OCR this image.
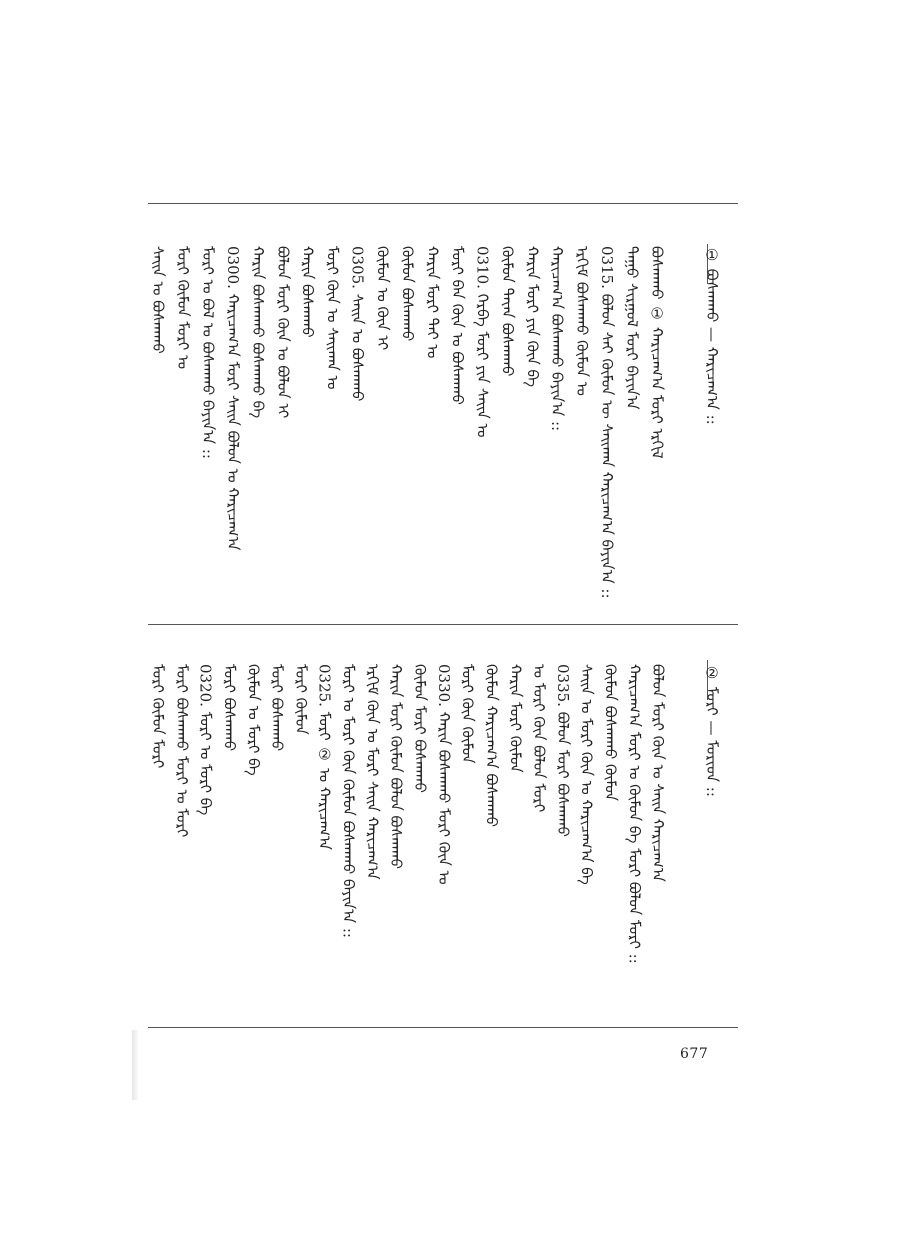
677
① ᠪᠣᠰᠬᠠᠬᠤ — ᠬᠠᠷᠢᠴᠠᠭ᠎ᠠ ::
ᠪᠣᠰᠬᠠᠬᠤ ① ᠬᠠᠷᠢᠴᠠᠭ᠎ᠠ ᠮᠣᠷᠢ ᠡᠷᠭᠢᠯ
ᠳᠠᠭᠤ ᠰᠢᠷᠭᠤᠯ ᠮᠣᠷᠢ ᠪᠠᠶᠢᠨ᠎ᠠ
0315. ᠪᠣᠯᠤᠨ ᠰᠠᠢ ᠬᠦᠮᠦᠨ ᠦ ᠰᠠᠢᠬᠠᠨ ᠬᠠᠷᠢᠴᠠᠭ᠎ᠠ ᠪᠠᠶᠢᠨ᠎ᠠ ::
ᠡᠷᠬᠢᠮ ᠪᠣᠰᠬᠠᠬᠤ ᠬᠦᠮᠦᠨ ᠤ
ᠬᠠᠷᠢᠴᠠᠭ᠎ᠠ ᠪᠣᠰᠬᠠᠬᠤ ᠪᠠᠶᠢᠨ᠎ᠠ ::
ᠬᠠᠷᠢᠨ ᠮᠣᠷᠢ ᠶᠢᠨ ᠬᠦᠨ ᠪᠡ
ᠬᠦᠮᠦᠨ ᠲᠠᠶ᠋ᠠᠨ ᠪᠣᠰᠬᠠᠬᠤ
0310. ᠬᠡᠷᠪᠡ ᠮᠣᠷᠢ ᠶᠢᠨ ᠰᠠᠢᠨ ᠤ
ᠮᠣᠷᠢ ᠪᠠᠨ ᠬᠦᠨ ᠤ ᠪᠣᠰᠬᠠᠬᠤ
ᠬᠠᠷᠢᠨ ᠮᠣᠷᠢ ᠲᠠᠢ ᠤ
ᠬᠦᠮᠦᠨ ᠪᠣᠰᠬᠠᠬᠤ
ᠬᠦᠮᠦᠨ ᠤ ᠬᠦᠨ ᠢ
0305. ᠰᠠᠢᠨ ᠤ ᠪᠣᠰᠬᠠᠬᠤ
ᠮᠣᠷᠢ ᠬᠦᠨ ᠤ ᠰᠠᠢᠬᠠᠨ ᠤ
ᠬᠠᠷᠢᠨ ᠪᠣᠰᠬᠠᠬᠤ
ᠪᠣᠯᠤᠨ ᠮᠣᠷᠢ ᠬᠦᠨ ᠤ ᠪᠣᠯᠤᠨ ᠢ
ᠬᠠᠷᠢᠨ ᠪᠣᠰᠬᠠᠬᠤ ᠪᠣᠰᠬᠠᠬᠤ ᠪᠡ
0300. ᠬᠠᠷᠢᠴᠠᠭ᠎ᠠ ᠮᠣᠷᠢ ᠰᠠᠢᠨ ᠪᠣᠯᠤᠨ ᠤ ᠬᠠᠷᠢᠴᠠᠭ᠎ᠠ
ᠮᠣᠷᠢ ᠤ ᠪᠣᠯ ᠤ ᠪᠣᠰᠬᠠᠬᠤ ᠪᠠᠶᠢᠨ᠎ᠠ ::
ᠮᠣᠷᠢ ᠬᠦᠮᠦᠨ ᠮᠣᠷᠢ ᠤ
ᠰᠠᠢᠨ ᠤ ᠪᠣᠰᠬᠠᠬᠤ
② ᠮᠣᠷᠢ — ᠮᠣᠷᠢᠳ ::
ᠪᠣᠯᠤᠨ ᠮᠣᠷᠢ ᠬᠦᠨ ᠤ ᠰᠠᠢᠨ ᠬᠠᠷᠢᠴᠠᠭ᠎ᠠ
ᠬᠠᠷᠢᠴᠠᠭ᠎ᠠ ᠮᠣᠷᠢ ᠤ ᠬᠦᠮᠦᠨ ᠪᠡ ᠮᠣᠷᠢ ᠪᠣᠯᠤᠨ ᠮᠣᠷᠢ ::
ᠬᠦᠮᠦᠨ ᠪᠣᠰᠬᠠᠬᠤ ᠬᠦᠮᠦᠨ
ᠰᠠᠢᠨ ᠤ ᠮᠣᠷᠢ ᠬᠦᠨ ᠤ ᠬᠠᠷᠢᠴᠠᠭ᠎ᠠ ᠪᠡ
0335. ᠪᠣᠯᠤᠨ ᠮᠣᠷᠢ ᠪᠣᠰᠬᠠᠬᠤ
ᠤ ᠮᠣᠷᠢ ᠬᠦᠨ ᠪᠣᠯᠤᠨ ᠮᠣᠷᠢ
ᠬᠠᠷᠢᠨ ᠮᠣᠷᠢ ᠬᠦᠮᠦᠨ
ᠬᠦᠮᠦᠨ ᠬᠠᠷᠢᠴᠠᠭ᠎ᠠ ᠪᠣᠰᠬᠠᠬᠤ
ᠮᠣᠷᠢ ᠬᠦᠨ ᠬᠦᠮᠦᠨ
0330. ᠬᠠᠷᠢᠨ ᠪᠣᠰᠬᠠᠬᠤ ᠮᠣᠷᠢ ᠬᠦᠨ ᠤ
ᠬᠦᠮᠦᠨ ᠮᠣᠷᠢ ᠪᠣᠰᠬᠠᠬᠤ
ᠬᠠᠷᠢᠨ ᠮᠣᠷᠢ ᠬᠦᠮᠦᠨ ᠪᠣᠯᠤᠨ ᠪᠣᠰᠬᠠᠬᠤ
ᠡᠷᠬᠢᠮ ᠬᠦᠨ ᠤ ᠮᠣᠷᠢ ᠰᠠᠢᠨ ᠬᠠᠷᠢᠴᠠᠭ᠎ᠠ
ᠮᠣᠷᠢ ᠤ ᠮᠣᠷᠢ ᠬᠦᠨ ᠬᠦᠮᠦᠨ ᠪᠣᠰᠬᠠᠬᠤ ᠪᠠᠶᠢᠨ᠎ᠠ ::
0325. ᠮᠣᠷᠢ ② ᠤ ᠬᠠᠷᠢᠴᠠᠭ᠎ᠠ
ᠮᠣᠷᠢ ᠬᠦᠮᠦᠨ
ᠮᠣᠷᠢ ᠪᠣᠰᠬᠠᠬᠤ
ᠬᠦᠮᠦᠨ ᠤ ᠮᠣᠷᠢ ᠪᠡ
ᠮᠣᠷᠢ ᠪᠣᠰᠬᠠᠬᠤ
0320. ᠮᠣᠷᠢ ᠤ ᠮᠣᠷᠢ ᠪᠡ
ᠮᠣᠷᠢ ᠪᠣᠰᠬᠠᠬᠤ ᠮᠣᠷᠢ ᠤ ᠮᠣᠷᠢ
ᠮᠣᠷᠢ ᠬᠦᠮᠦᠨ ᠮᠣᠷᠢ
